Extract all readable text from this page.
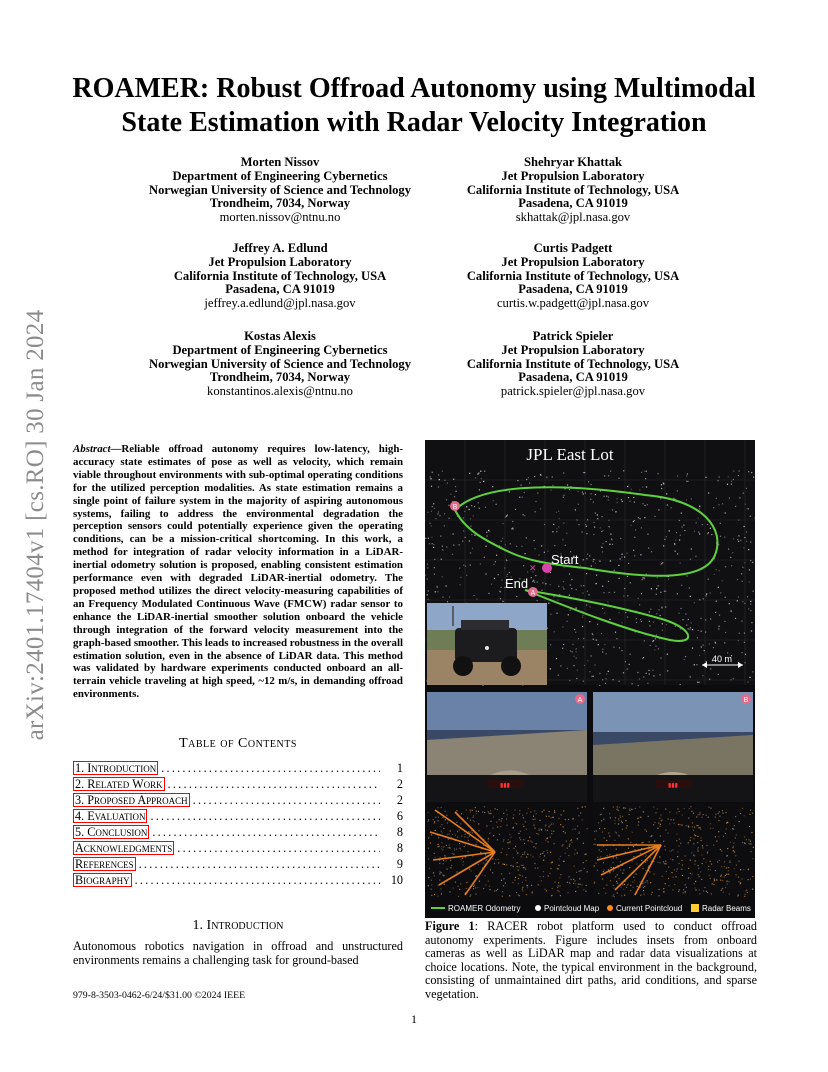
arXiv:2401.17404v1 [cs.RO] 30 Jan 2024
ROAMER: Robust Offroad Autonomy using Multimodal
State Estimation with Radar Velocity Integration
Morten Nissov
Department of Engineering Cybernetics
Norwegian University of Science and Technology
Trondheim, 7034, Norway
morten.nissov@ntnu.no
Shehryar Khattak
Jet Propulsion Laboratory
California Institute of Technology, USA
Pasadena, CA 91019
skhattak@jpl.nasa.gov
Jeffrey A. Edlund
Jet Propulsion Laboratory
California Institute of Technology, USA
Pasadena, CA 91019
jeffrey.a.edlund@jpl.nasa.gov
Curtis Padgett
Jet Propulsion Laboratory
California Institute of Technology, USA
Pasadena, CA 91019
curtis.w.padgett@jpl.nasa.gov
Kostas Alexis
Department of Engineering Cybernetics
Norwegian University of Science and Technology
Trondheim, 7034, Norway
konstantinos.alexis@ntnu.no
Patrick Spieler
Jet Propulsion Laboratory
California Institute of Technology, USA
Pasadena, CA 91019
patrick.spieler@jpl.nasa.gov
Abstract—Reliable offroad autonomy requires low-latency, high-accuracy state estimates of pose as well as velocity, which remain viable throughout environments with sub-optimal operating conditions for the utilized perception modalities. As state estimation remains a single point of failure system in the majority of aspiring autonomous systems, failing to address the environmental degradation the perception sensors could potentially experience given the operating conditions, can be a mission-critical shortcoming. In this work, a method for integration of radar velocity information in a LiDAR-inertial odometry solution is proposed, enabling consistent estimation performance even with degraded LiDAR-inertial odometry. The proposed method utilizes the direct velocity-measuring capabilities of an Frequency Modulated Continuous Wave (FMCW) radar sensor to enhance the LiDAR-inertial smoother solution onboard the vehicle through integration of the forward velocity measurement into the graph-based smoother. This leads to increased robustness in the overall estimation solution, even in the absence of LiDAR data. This method was validated by hardware experiments conducted onboard an all-terrain vehicle traveling at high speed, ~12 m/s, in demanding offroad environments.
Table of Contents
1. Introduction . . .	1
2. Related Work . . .	2
3. Proposed Approach . . .	2
4. Evaluation . . .	6
5. Conclusion . . .	8
Acknowledgments . . .	8
References . . .	9
Biography . . .	10
1. Introduction
Autonomous robotics navigation in offroad and unstructured environments remains a challenging task for ground-based
979-8-3503-0462-6/24/$31.00 ©2024 IEEE
1
B
A
✕
Start
End
JPL East Lot
40 m
▮▮▮
A
▮▮▮
B
ROAMER Odometry	Pointcloud Map Current Pointcloud Radar Beams
Figure 1: RACER robot platform used to conduct offroad autonomy experiments. Figure includes insets from onboard cameras as well as LiDAR map and radar data visualizations at choice locations. Note, the typical environment in the background, consisting of unmaintained dirt paths, arid conditions, and sparse vegetation.
